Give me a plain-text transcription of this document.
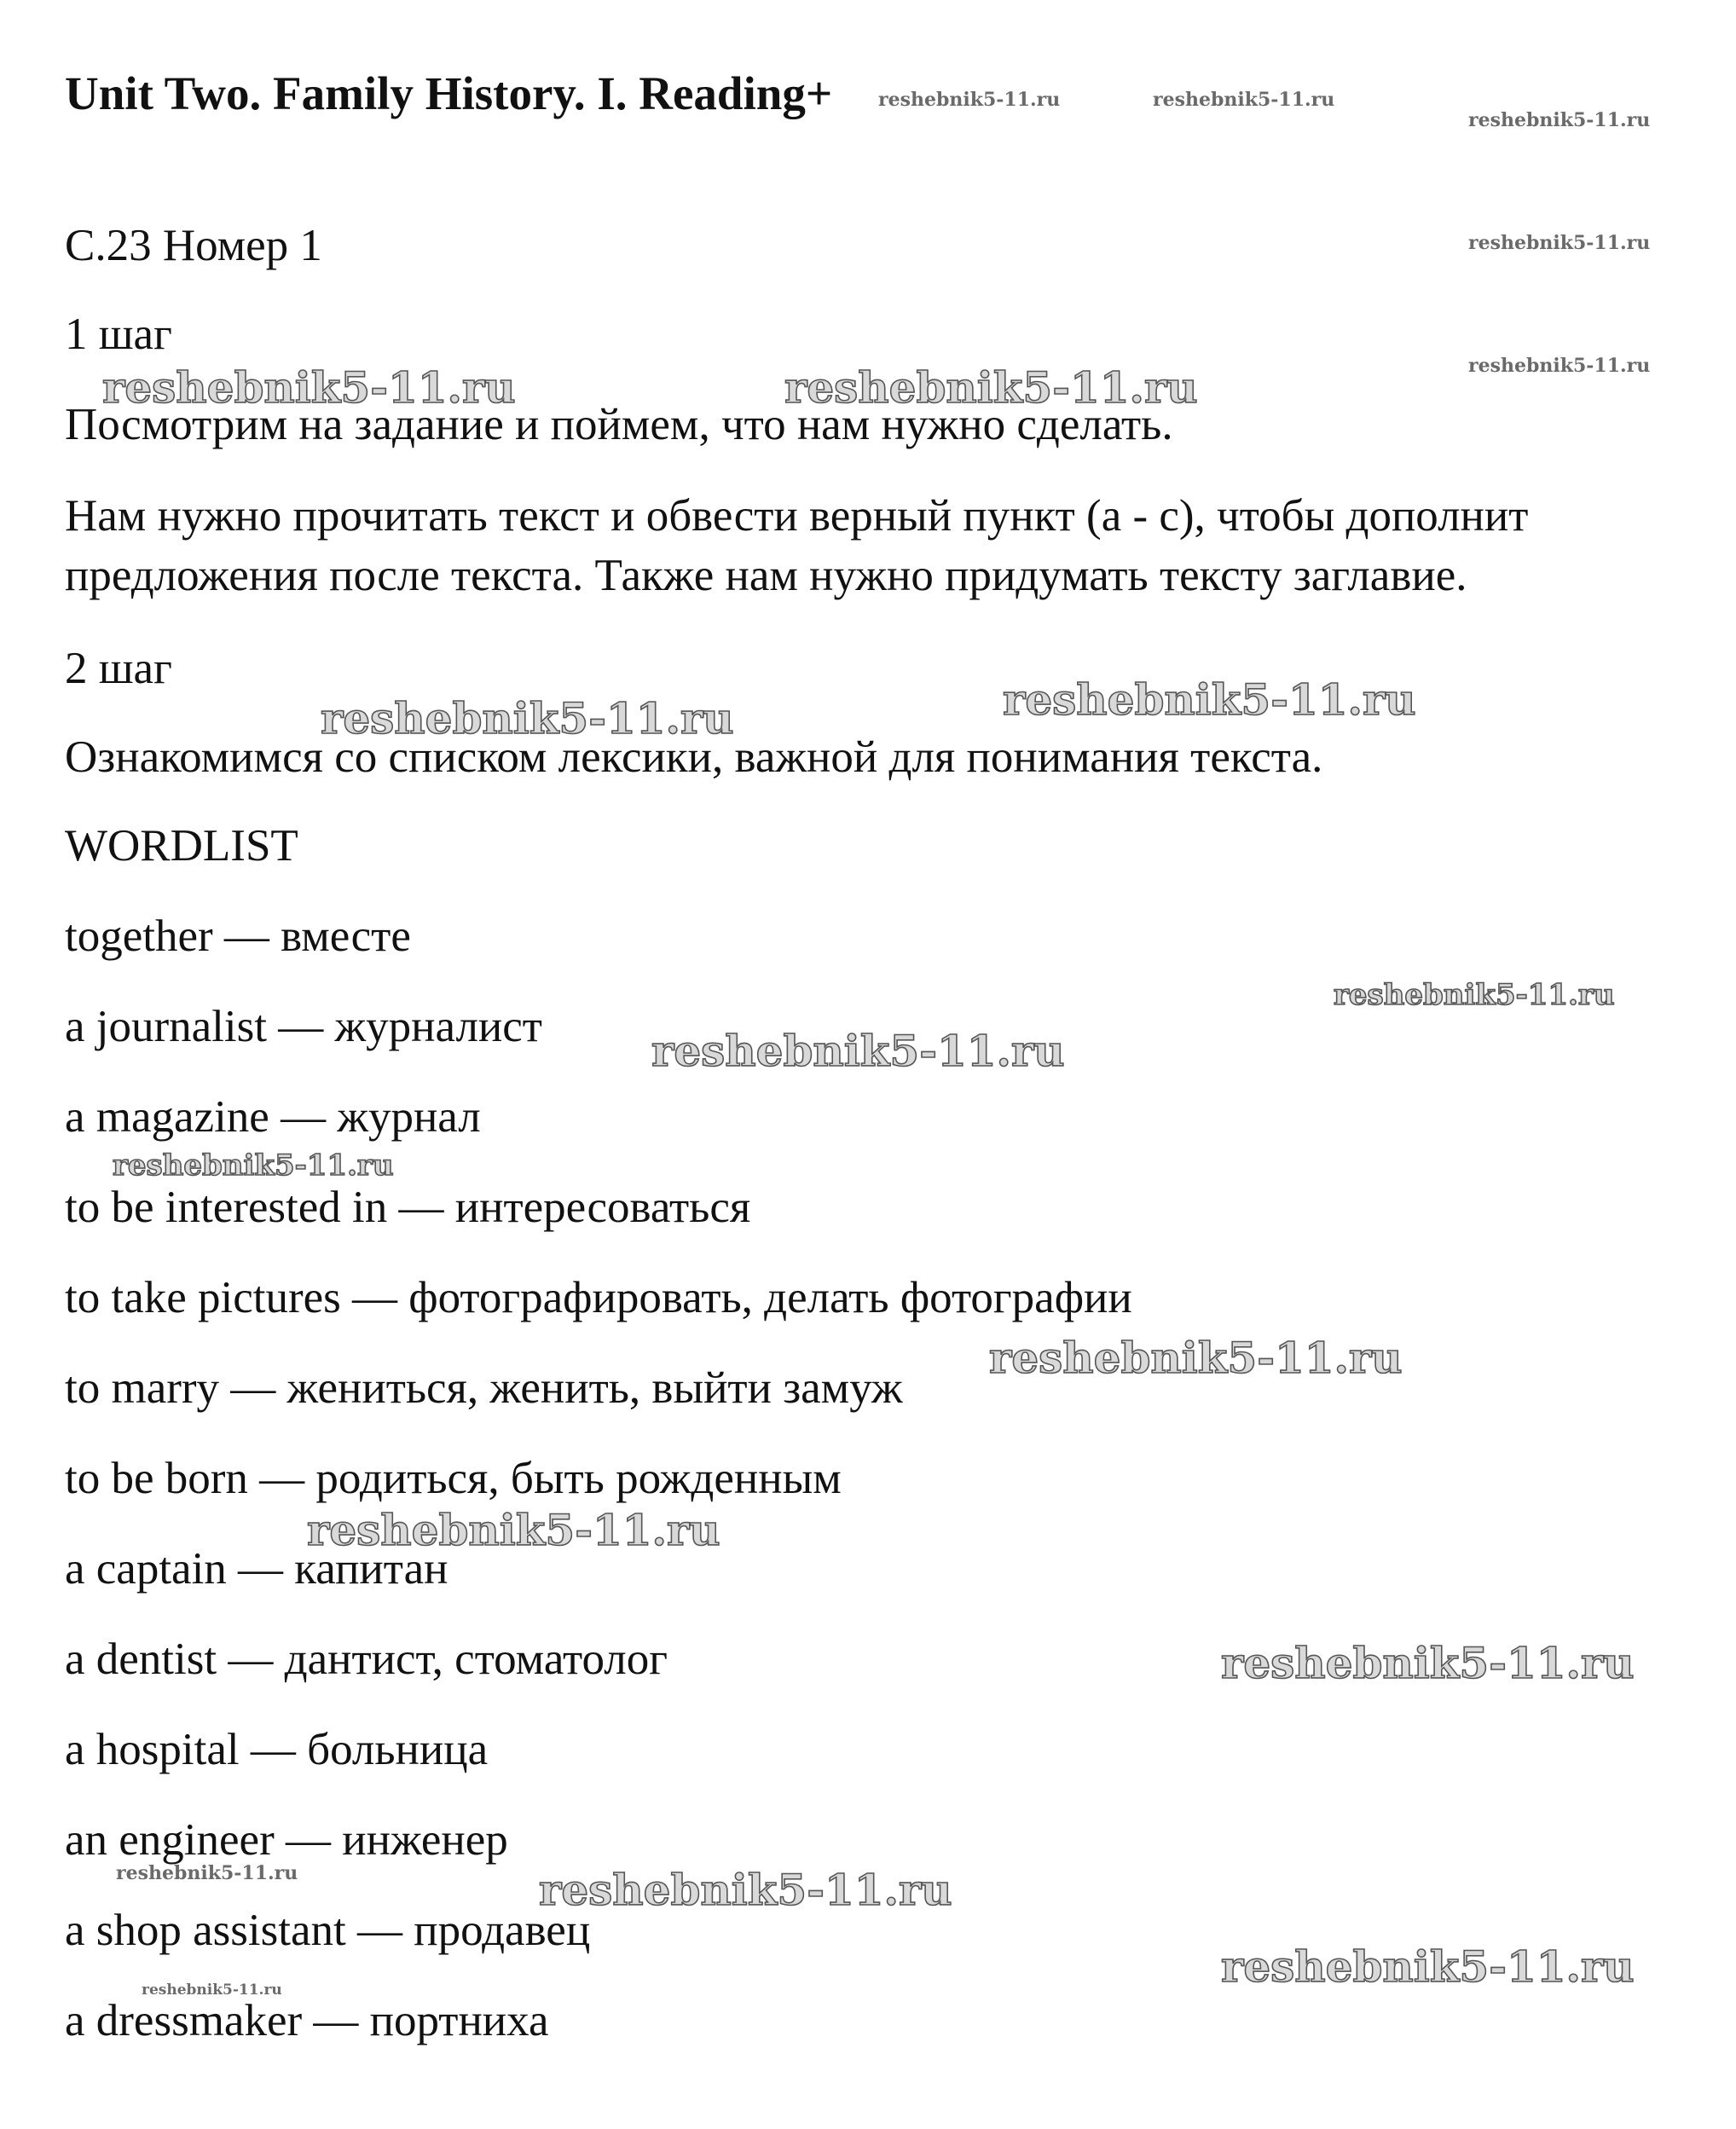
Unit Two. Family History. I. Reading+
С.23 Номер 1
1 шаг
Посмотрим на задание и поймем, что нам нужно сделать.
Нам нужно прочитать текст и обвести верный пункт (а - с), чтобы дополнит предложения после текста. Также нам нужно придумать тексту заглавие.
2 шаг
Ознакомимся со списком лексики, важной для понимания текста.
WORDLIST
together — вместе
a journalist — журналист
a magazine — журнал
to be interested in — интересоваться
to take pictures — фотографировать, делать фотографии
to marry — жениться, женить, выйти замуж
to be born — родиться, быть рожденным
a captain — капитан
a dentist — дантист, стоматолог
a hospital — больница
an engineer — инженер
a shop assistant — продавец
a dressmaker — портниха
reshebnik5-11.ru	reshebnik5-11.ru
reshebnik5-11.ru
reshebnik5-11.ru
reshebnik5-11.ru
reshebnik5-11.ru	reshebnik5-11.ru
reshebnik5-11.ru	reshebnik5-11.ru
reshebnik5-11.ru
reshebnik5-11.ru
reshebnik5-11.ru
reshebnik5-11.ru
reshebnik5-11.ru
reshebnik5-11.ru
reshebnik5-11.ru	reshebnik5-11.ru
reshebnik5-11.ru
reshebnik5-11.ru
